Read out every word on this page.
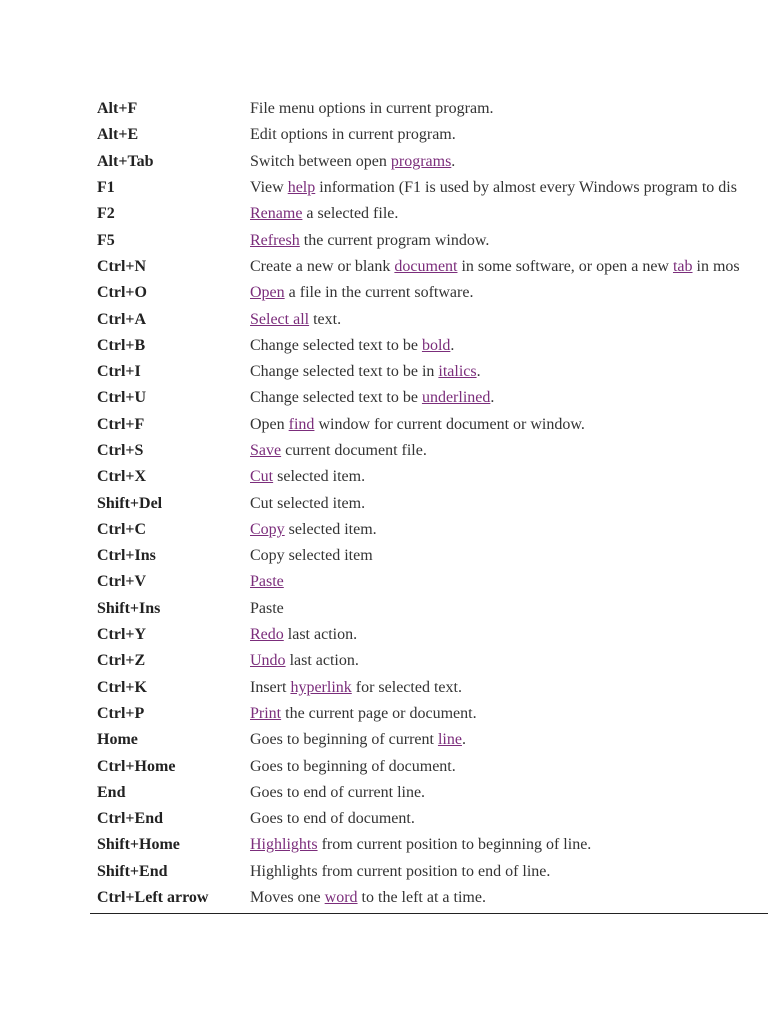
Alt+F	File menu options in current program.
Alt+E	Edit options in current program.
Alt+Tab	Switch between open programs.
F1	View help information (F1 is used by almost every Windows program to dis
F2	Rename a selected file.
F5	Refresh the current program window.
Ctrl+N	Create a new or blank document in some software, or open a new tab in mos
Ctrl+O	Open a file in the current software.
Ctrl+A	Select all text.
Ctrl+B	Change selected text to be bold.
Ctrl+I	Change selected text to be in italics.
Ctrl+U	Change selected text to be underlined.
Ctrl+F	Open find window for current document or window.
Ctrl+S	Save current document file.
Ctrl+X	Cut selected item.
Shift+Del	Cut selected item.
Ctrl+C	Copy selected item.
Ctrl+Ins	Copy selected item
Ctrl+V	Paste
Shift+Ins	Paste
Ctrl+Y	Redo last action.
Ctrl+Z	Undo last action.
Ctrl+K	Insert hyperlink for selected text.
Ctrl+P	Print the current page or document.
Home	Goes to beginning of current line.
Ctrl+Home	Goes to beginning of document.
End	Goes to end of current line.
Ctrl+End	Goes to end of document.
Shift+Home	Highlights from current position to beginning of line.
Shift+End	Highlights from current position to end of line.
Ctrl+Left arrow	Moves one word to the left at a time.
